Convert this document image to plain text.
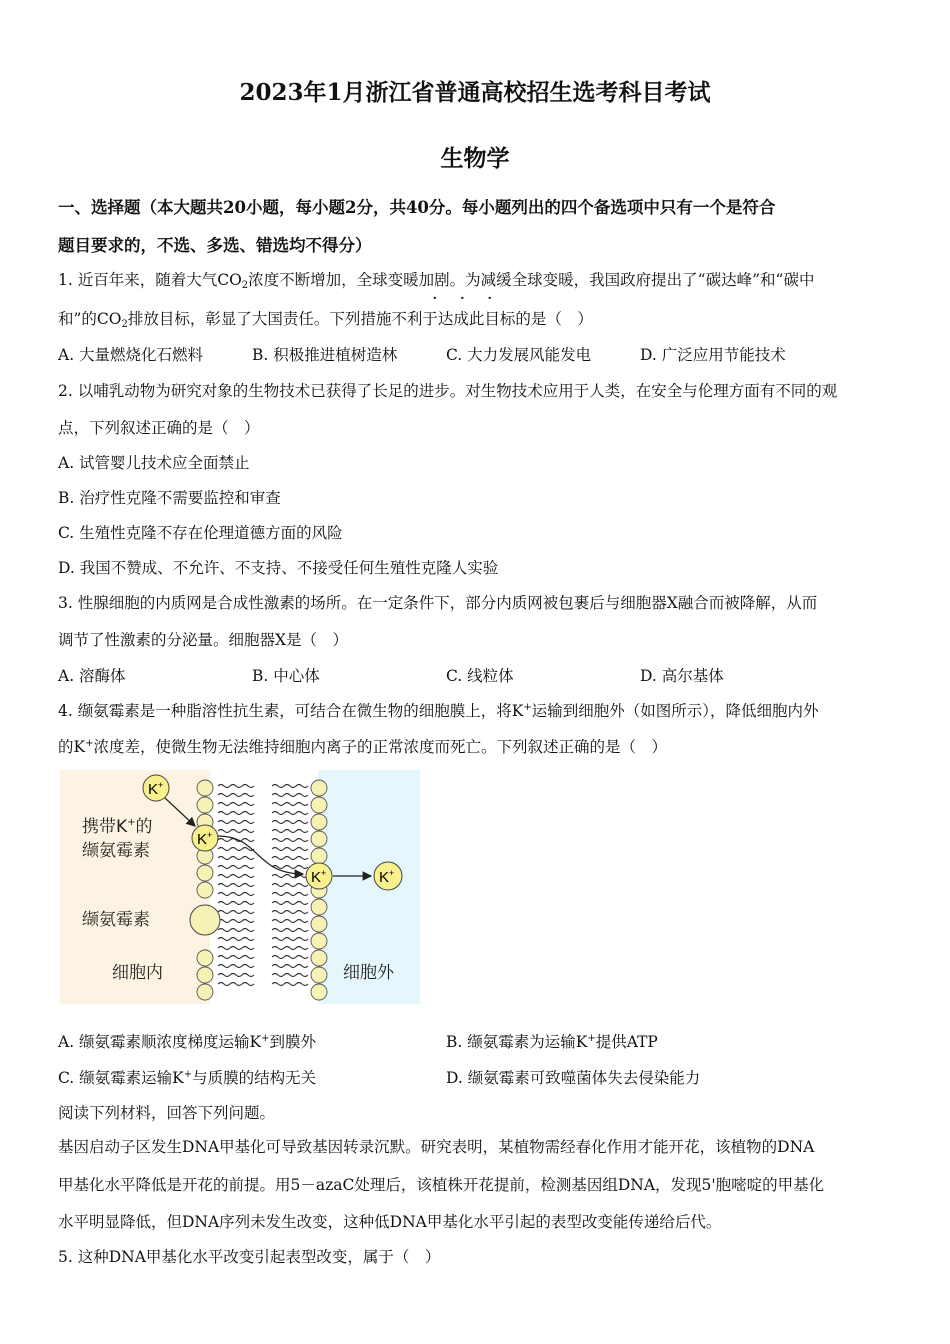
2023年1月浙江省普通高校招生选考科目考试
生物学
一、选择题（本大题共20小题，每小题2分，共40分。每小题列出的四个备选项中只有一个是符合
题目要求的，不选、多选、错选均不得分）
1. 近百年来，随着大气$CO_2$浓度不断增加，全球变暖加剧。为减缓全球变暖，我国政府提出了“碳达峰”和“碳中
· · ·
和”的$CO_2$排放目标，彰显了大国责任。下列措施不利于达成此目标的是（　）
A. 大量燃烧化石燃料	B. 积极推进植树造林	C. 大力发展风能发电	D. 广泛应用节能技术
2. 以哺乳动物为研究对象的生物技术已获得了长足的进步。对生物技术应用于人类，在安全与伦理方面有不同的观
点，下列叙述正确的是（　）
A. 试管婴儿技术应全面禁止
B. 治疗性克隆不需要监控和审查
C. 生殖性克隆不存在伦理道德方面的风险
D. 我国不赞成、不允许、不支持、不接受任何生殖性克隆人实验
3. 性腺细胞的内质网是合成性激素的场所。在一定条件下，部分内质网被包裹后与细胞器X融合而被降解，从而
调节了性激素的分泌量。细胞器X是（　）
A. 溶酶体	B. 中心体	C. 线粒体	D. 高尔基体
4. 缬氨霉素是一种脂溶性抗生素，可结合在微生物的细胞膜上，将K+运输到细胞外（如图所示），降低细胞内外
的K+浓度差，使微生物无法维持细胞内离子的正常浓度而死亡。下列叙述正确的是（　）
K+
K+
K+	K+
携带K+的
缬氨霉素
缬氨霉素
细胞内	细胞外
A. 缬氨霉素顺浓度梯度运输K+到膜外	B. 缬氨霉素为运输K+提供ATP
C. 缬氨霉素运输K+与质膜的结构无关	D. 缬氨霉素可致噬菌体失去侵染能力
阅读下列材料，回答下列问题。
基因启动子区发生DNA甲基化可导致基因转录沉默。研究表明，某植物需经春化作用才能开花，该植物的DNA
甲基化水平降低是开花的前提。用5－azaC处理后，该植株开花提前，检测基因组DNA，发现5'胞嘧啶的甲基化
水平明显降低，但DNA序列未发生改变，这种低DNA甲基化水平引起的表型改变能传递给后代。
5. 这种DNA甲基化水平改变引起表型改变，属于（　）
